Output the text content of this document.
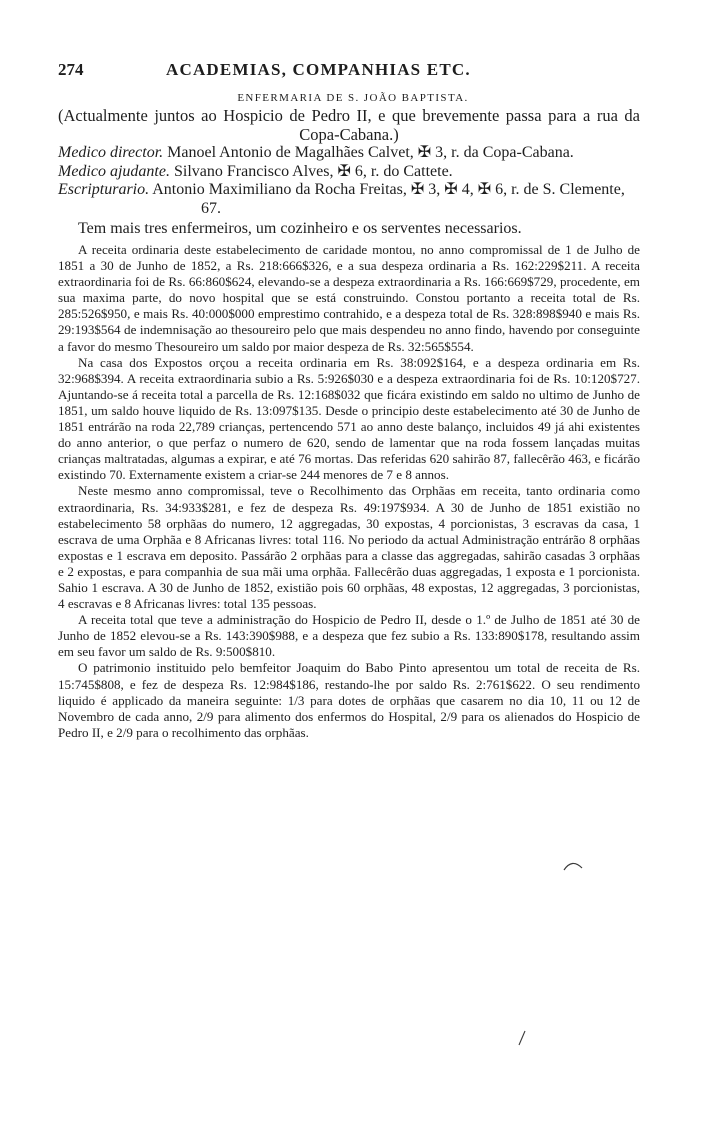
274	ACADEMIAS, COMPANHIAS ETC.
ENFERMARIA DE S. JOÃO BAPTISTA.
(Actualmente juntos ao Hospicio de Pedro II, e que brevemente passa para a rua da Copa-Cabana.)
Medico director. Manoel Antonio de Magalhães Calvet, ✠ 3, r. da Copa-Cabana.
Medico ajudante. Silvano Francisco Alves, ✠ 6, r. do Cattete.
Escripturario. Antonio Maximiliano da Rocha Freitas, ✠ 3, ✠ 4, ✠ 6, r. de S. Clemente, 67.
Tem mais tres enfermeiros, um cozinheiro e os serventes necessarios.

A receita ordinaria deste estabelecimento de caridade montou, no anno compromissal de 1 de Julho de 1851 a 30 de Junho de 1852, a Rs. 218:666$326, e a sua despeza ordinaria a Rs. 162:229$211. A receita extraordinaria foi de Rs. 66:860$624, elevando-se a despeza extraordinaria a Rs. 166:669$729, procedente, em sua maxima parte, do novo hospital que se está construindo. Constou portanto a receita total de Rs. 285:526$950, e mais Rs. 40:000$000 emprestimo contrahido, e a despeza total de Rs. 328:898$940 e mais Rs. 29:193$564 de indemnisação ao thesoureiro pelo que mais despendeu no anno findo, havendo por conseguinte a favor do mesmo Thesoureiro um saldo por maior despeza de Rs. 32:565$554.

Na casa dos Expostos orçou a receita ordinaria em Rs. 38:092$164, e a despeza ordinaria em Rs. 32:968$394. A receita extraordinaria subio a Rs. 5:926$030 e a despeza extraordinaria foi de Rs. 10:120$727. Ajuntando-se á receita total a parcella de Rs. 12:168$032 que ficára existindo em saldo no ultimo de Junho de 1851, um saldo houve liquido de Rs. 13:097$135. Desde o principio deste estabelecimento até 30 de Junho de 1851 entrárão na roda 22,789 crianças, pertencendo 571 ao anno deste balanço, incluidos 49 já ahi existentes do anno anterior, o que perfaz o numero de 620, sendo de lamentar que na roda fossem lançadas muitas crianças maltratadas, algumas a expirar, e até 76 mortas. Das referidas 620 sahirão 87, fallecêrão 463, e ficárão existindo 70. Externamente existem a criar-se 244 menores de 7 e 8 annos.

Neste mesmo anno compromissal, teve o Recolhimento das Orphãas em receita, tanto ordinaria como extraordinaria, Rs. 34:933$281, e fez de despeza Rs. 49:197$934. A 30 de Junho de 1851 existião no estabelecimento 58 orphãas do numero, 12 aggregadas, 30 expostas, 4 porcionistas, 3 escravas da casa, 1 escrava de uma Orphãa e 8 Africanas livres: total 116. No periodo da actual Administração entrárão 8 orphãas expostas e 1 escrava em deposito. Passárão 2 orphãas para a classe das aggregadas, sahirão casadas 3 orphãas e 2 expostas, e para companhia de sua mãi uma orphãa. Fallecêrão duas aggregadas, 1 exposta e 1 porcionista. Sahio 1 escrava. A 30 de Junho de 1852, existião pois 60 orphãas, 48 expostas, 12 aggregadas, 3 porcionistas, 4 escravas e 8 Africanas livres: total 135 pessoas.

A receita total que teve a administração do Hospicio de Pedro II, desde o 1.º de Julho de 1851 até 30 de Junho de 1852 elevou-se a Rs. 143:390$988, e a despeza que fez subio a Rs. 133:890$178, resultando assim em seu favor um saldo de Rs. 9:500$810.

O patrimonio instituido pelo bemfeitor Joaquim do Babo Pinto apresentou um total de receita de Rs. 15:745$808, e fez de despeza Rs. 12:984$186, restando-lhe por saldo Rs. 2:761$622. O seu rendimento liquido é applicado da maneira seguinte: 1/3 para dotes de orphãas que casarem no dia 10, 11 ou 12 de Novembro de cada anno, 2/9 para alimento dos enfermos do Hospital, 2/9 para os alienados do Hospicio de Pedro II, e 2/9 para o recolhimento das orphãas.
